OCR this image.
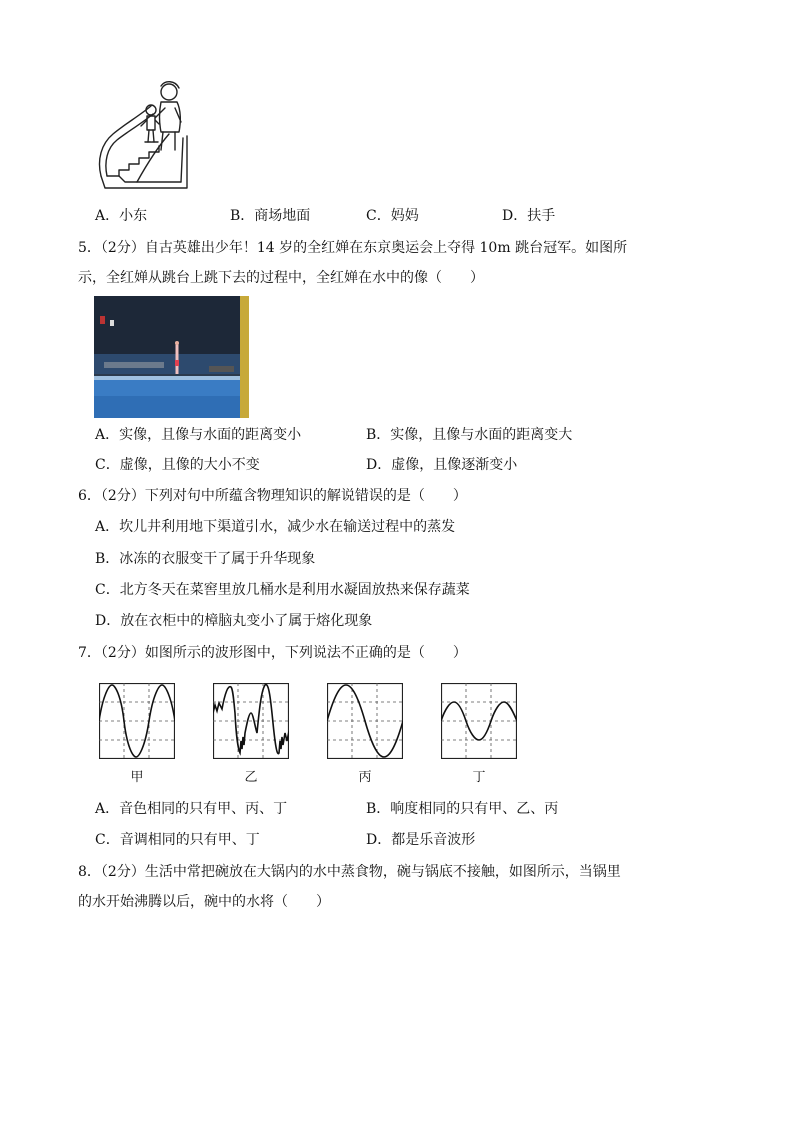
A．小东	B．商场地面	C．妈妈	D．扶手
5．（2分）自古英雄出少年！14 岁的全红婵在东京奥运会上夺得 10m 跳台冠军。如图所
示，全红婵从跳台上跳下去的过程中，全红婵在水中的像（　　）
A．实像，且像与水面的距离变小	B．实像，且像与水面的距离变大
C．虚像，且像的大小不变	D．虚像，且像逐渐变小
6．（2分）下列对句中所蕴含物理知识的解说错误的是（　　）
A．坎儿井利用地下渠道引水，减少水在输送过程中的蒸发
B．冰冻的衣服变干了属于升华现象
C．北方冬天在菜窖里放几桶水是利用水凝固放热来保存蔬菜
D．放在衣柜中的樟脑丸变小了属于熔化现象
7．（2分）如图所示的波形图中，下列说法不正确的是（　　）
甲	乙	丙	丁
A．音色相同的只有甲、丙、丁	B．响度相同的只有甲、乙、丙
C．音调相同的只有甲、丁	D．都是乐音波形
8．（2分）生活中常把碗放在大锅内的水中蒸食物，碗与锅底不接触，如图所示，当锅里
的水开始沸腾以后，碗中的水将（　　）
